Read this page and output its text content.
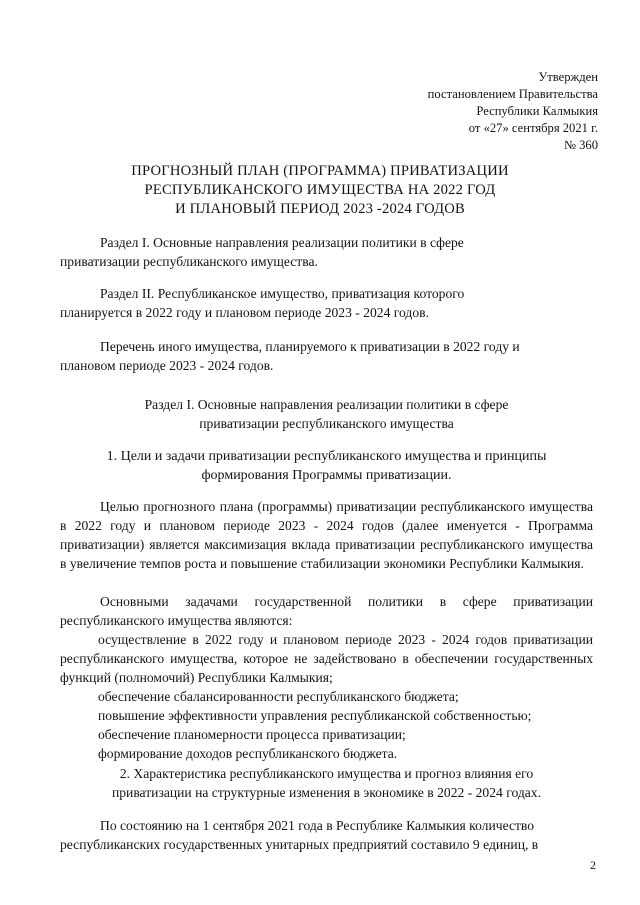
Утвержден
постановлением Правительства
Республики Калмыкия
от «27» сентября 2021 г.
№ 360
ПРОГНОЗНЫЙ ПЛАН (ПРОГРАММА) ПРИВАТИЗАЦИИ
РЕСПУБЛИКАНСКОГО ИМУЩЕСТВА НА 2022 ГОД
И ПЛАНОВЫЙ ПЕРИОД 2023 -2024 ГОДОВ
Раздел I. Основные направления реализации политики в сфере
приватизации республиканского имущества.
Раздел II. Республиканское имущество, приватизация которого
планируется в 2022 году и плановом периоде 2023 - 2024 годов.
Перечень иного имущества, планируемого к приватизации в 2022 году и
плановом периоде 2023 - 2024 годов.
Раздел I. Основные направления реализации политики в сфере
приватизации республиканского имущества
1. Цели и задачи приватизации республиканского имущества и принципы
формирования Программы приватизации.

Целью прогнозного плана (программы) приватизации республиканского имущества в 2022 году и плановом периоде 2023 - 2024 годов (далее именуется - Программа приватизации) является максимизация вклада приватизации республиканского имущества в увеличение темпов роста и повышение стабилизации экономики Республики Калмыкия.

Основными задачами государственной политики в сфере приватизации республиканского имущества являются:

осуществление в 2022 году и плановом периоде 2023 - 2024 годов приватизации республиканского имущества, которое не задействовано в обеспечении государственных функций (полномочий) Республики Калмыкия;

обеспечение сбалансированности республиканского бюджета;

повышение эффективности управления республиканской собственностью;

обеспечение планомерности процесса приватизации;

формирование доходов республиканского бюджета.

2. Характеристика республиканского имущества и прогноз влияния его
приватизации на структурные изменения в экономике в 2022 - 2024 годах.
По состоянию на 1 сентября 2021 года в Республике Калмыкия количество
республиканских государственных унитарных предприятий составило 9 единиц, в
2
